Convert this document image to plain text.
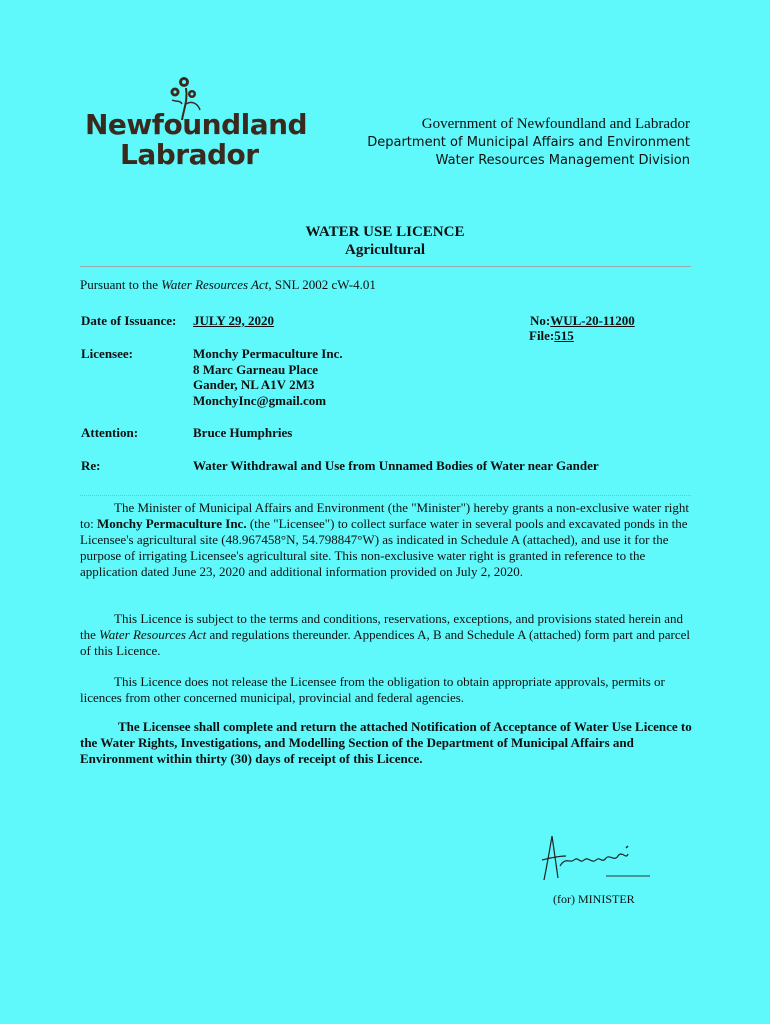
Newfoundland
Labrador
Government of Newfoundland and Labrador
Department of Municipal Affairs and Environment
Water Resources Management Division
WATER USE LICENCE
Agricultural
Pursuant to the Water Resources Act, SNL 2002 cW-4.01
Date of Issuance: JULY 29, 2020	No:WUL-20-11200
File:515
Licensee:	Monchy Permaculture Inc.
8 Marc Garneau Place
Gander, NL A1V 2M3
MonchyInc@gmail.com
Attention:	Bruce Humphries
Re:	Water Withdrawal and Use from Unnamed Bodies of Water near Gander
The Minister of Municipal Affairs and Environment (the "Minister") hereby grants a non-exclusive water right to: Monchy Permaculture Inc. (the "Licensee") to collect surface water in several pools and excavated ponds in the Licensee's agricultural site (48.967458°N, 54.798847°W) as indicated in Schedule A (attached), and use it for the purpose of irrigating Licensee's agricultural site. This non-exclusive water right is granted in reference to the application dated June 23, 2020 and additional information provided on July 2, 2020.
This Licence is subject to the terms and conditions, reservations, exceptions, and provisions stated herein and the Water Resources Act and regulations thereunder. Appendices A, B and Schedule A (attached) form part and parcel of this Licence.
This Licence does not release the Licensee from the obligation to obtain appropriate approvals, permits or licences from other concerned municipal, provincial and federal agencies.
The Licensee shall complete and return the attached Notification of Acceptance of Water Use Licence to the Water Rights, Investigations, and Modelling Section of the Department of Municipal Affairs and Environment within thirty (30) days of receipt of this Licence.
(for) MINISTER
